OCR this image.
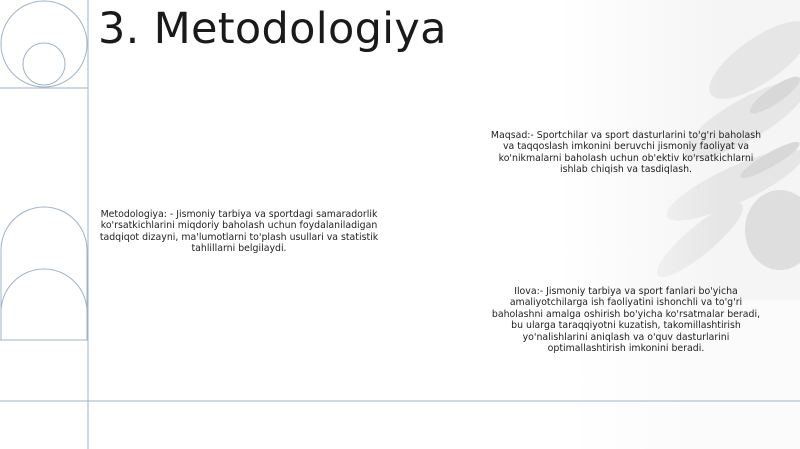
3. Metodologiya
Maqsad:- Sportchilar va sport dasturlarini to'g'ri baholash va taqqoslash imkonini beruvchi jismoniy faoliyat va ko'nikmalarni baholash uchun ob'ektiv ko'rsatkichlarni ishlab chiqish va tasdiqlash.
Metodologiya: - Jismoniy tarbiya va sportdagi samaradorlik ko'rsatkichlarini miqdoriy baholash uchun foydalaniladigan tadqiqot dizayni, ma'lumotlarni to'plash usullari va statistik tahlillarni belgilaydi.
Ilova:- Jismoniy tarbiya va sport fanlari bo'yicha amaliyotchilarga ish faoliyatini ishonchli va to'g'ri baholashni amalga oshirish bo'yicha ko'rsatmalar beradi, bu ularga taraqqiyotni kuzatish, takomillashtirish yo'nalishlarini aniqlash va o'quv dasturlarini optimallashtirish imkonini beradi.
